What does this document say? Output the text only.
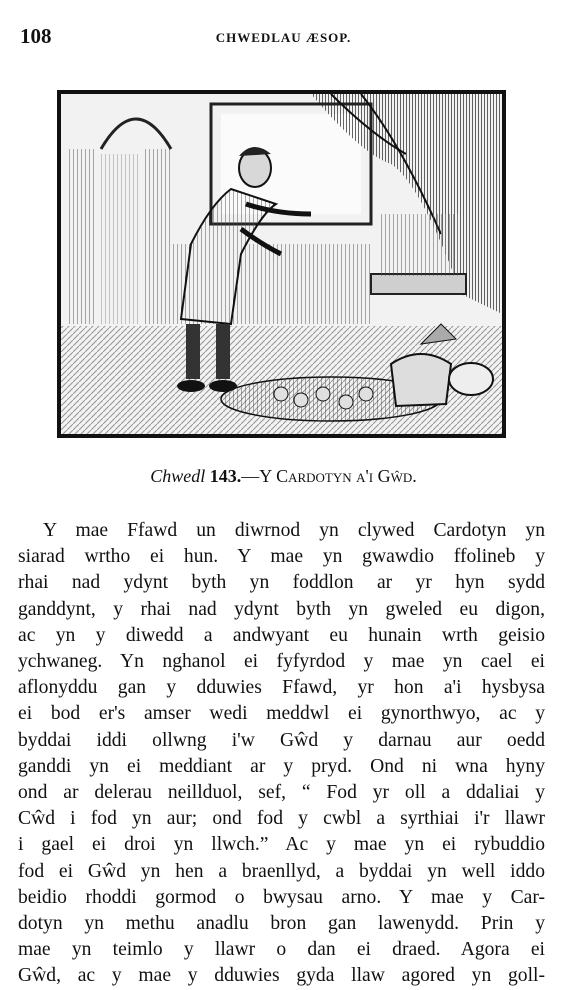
108	CHWEDLAU ÆSOP.
Chwedl 143.—Y Cardotyn a'i Gŵd.
Y mae Ffawd un diwrnod yn clywed Cardotyn yn
siarad wrtho ei hun. Y mae yn gwawdio ffolineb y
rhai nad ydynt byth yn foddlon ar yr hyn sydd
ganddynt, y rhai nad ydynt byth yn gweled eu digon,
ac yn y diwedd a andwyant eu hunain wrth geisio
ychwaneg. Yn nghanol ei fyfyrdod y mae yn cael ei
aflonyddu gan y dduwies Ffawd, yr hon a'i hysbysa
ei bod er's amser wedi meddwl ei gynorthwyo, ac y
byddai iddi ollwng i'w Gŵd y darnau aur oedd
ganddi yn ei meddiant ar y pryd. Ond ni wna hyny
ond ar delerau neillduol, sef, “ Fod yr oll a ddaliai y
Cŵd i fod yn aur; ond fod y cwbl a syrthiai i'r llawr
i gael ei droi yn llwch.” Ac y mae yn ei rybuddio
fod ei Gŵd yn hen a braenllyd, a byddai yn well iddo
beidio rhoddi gormod o bwysau arno. Y mae y Car-
dotyn yn methu anadlu bron gan lawenydd. Prin y
mae yn teimlo y llawr o dan ei draed. Agora ei
Gŵd, ac y mae y dduwies gyda llaw agored yn goll-
